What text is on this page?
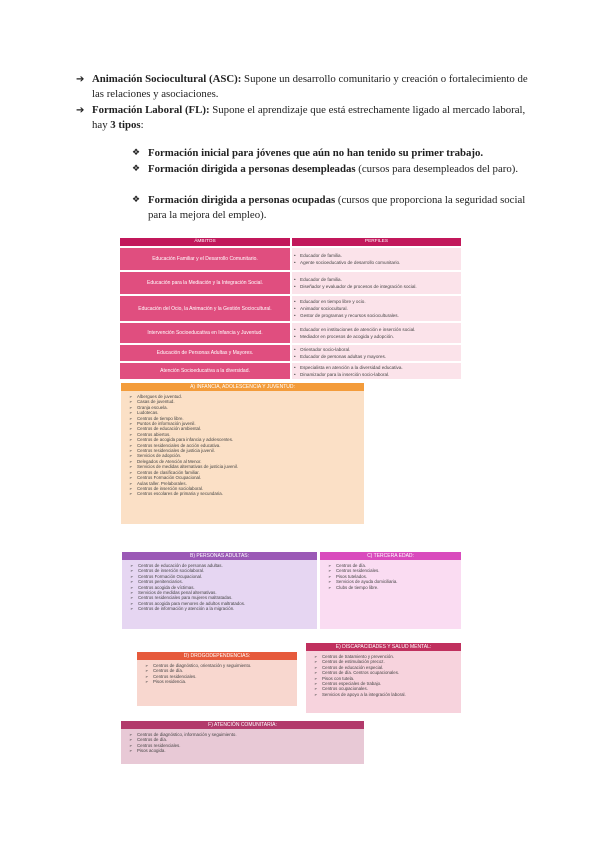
➔ Animación Sociocultural (ASC): Supone un desarrollo comunitario y creación o fortalecimiento de las relaciones y asociaciones.
➔ Formación Laboral (FL): Supone el aprendizaje que está estrechamente ligado al mercado laboral, hay 3 tipos:
❖ Formación inicial para jóvenes que aún no han tenido su primer trabajo.
❖ Formación dirigida a personas desempleadas (cursos para desempleados del paro).
❖ Formación dirigida a personas ocupadas (cursos que proporciona la seguridad social para la mejora del empleo).
ÁMBITOS	PERFILES
Educación Familiar y el Desarrollo Comunitario.
• Educador de familia.
• Agente socioeducativo de desarrollo comunitario.
Educación para la Mediación y la Integración Social.
• Educador de familia.
• Diseñador y evaluador de procesos de integración social.
Educación del Ocio, la Animación y la Gestión Sociocultural.
• Educador en tiempo libre y ocio.
• Animador sociocultural.
• Gestor de programas y recursos socioculturales.
Intervención Socioeducativa en Infancia y Juventud.
• Educador en instituciones de atención e inserción social.
• Mediador en procesos de acogida y adopción.
Educación de Personas Adultas y Mayores.
• Orientador socio-laboral.
• Educador de personas adultas y mayores.
Atención Socioeducativa a la diversidad.
• Especialista en atención a la diversidad educativa.
• Dinamizador para la inserción socio-laboral.
A) INFANCIA, ADOLESCENCIA Y JUVENTUD:
➢ Albergues de juventud.
➢ Casas de juventud.
➢ Granja escuela.
➢ Ludotecas.
➢ Centros de tiempo libre.
➢ Puntos de información juvenil.
➢ Centros de educación ambiental.
➢ Centros abiertos.
➢ Centros de acogida para infancia y adolescentes.
➢ Centros residenciales de acción educativa.
➢ Centros residenciales de justicia juvenil.
➢ Servicios de adopción.
➢ Delegados de Atención al Menor.
➢ Servicios de medidas alternativas de justicia juvenil.
➢ Centros de clasificación familiar.
➢ Centros Formación Ocupacional.
➢ Aulas taller. Prelaborales.
➢ Centros de inserción sociolaboral.
➢ Centros escolares de primaria y secundaria.
B) PERSONAS ADULTAS:
➢ Centros de educación de personas adultas.
➢ Centros de inserción sociolaboral.
➢ Centros Formación Ocupacional.
➢ Centros penitenciarios.
➢ Centros acogida de víctimas.
➢ Servicios de medidas penal alternativas.
➢ Centros residenciales para mujeres maltratadas.
➢ Centros acogida para menores de adultos maltratados.
➢ Centros de información y atención a la migración.
C) TERCERA EDAD:
➢ Centros de día.
➢ Centros residenciales.
➢ Pisos tutelados.
➢ Servicios de ayuda domiciliaria.
➢ Clubs de tiempo libre.
D) DROGODEPENDENCIAS:
➢ Centros de diagnóstico, orientación y seguimiento.
➢ Centros de día.
➢ Centros residenciales.
➢ Pisos residencia.
E) DISCAPACIDADES Y SALUD MENTAL:
➢ Centros de tratamiento y prevención.
➢ Centros de estimulación precoz.
➢ Centros de educación especial.
➢ Centros de día. Centros ocupacionales.
➢ Pisos con tutela.
➢ Centros especiales de trabajo.
➢ Centros ocupacionales.
➢ Servicios de apoyo a la integración laboral.
F) ATENCIÓN COMUNITARIA:
➢ Centros de diagnóstico, información y seguimiento.
➢ Centros de día.
➢ Centros residenciales.
➢ Pisos acogida.
